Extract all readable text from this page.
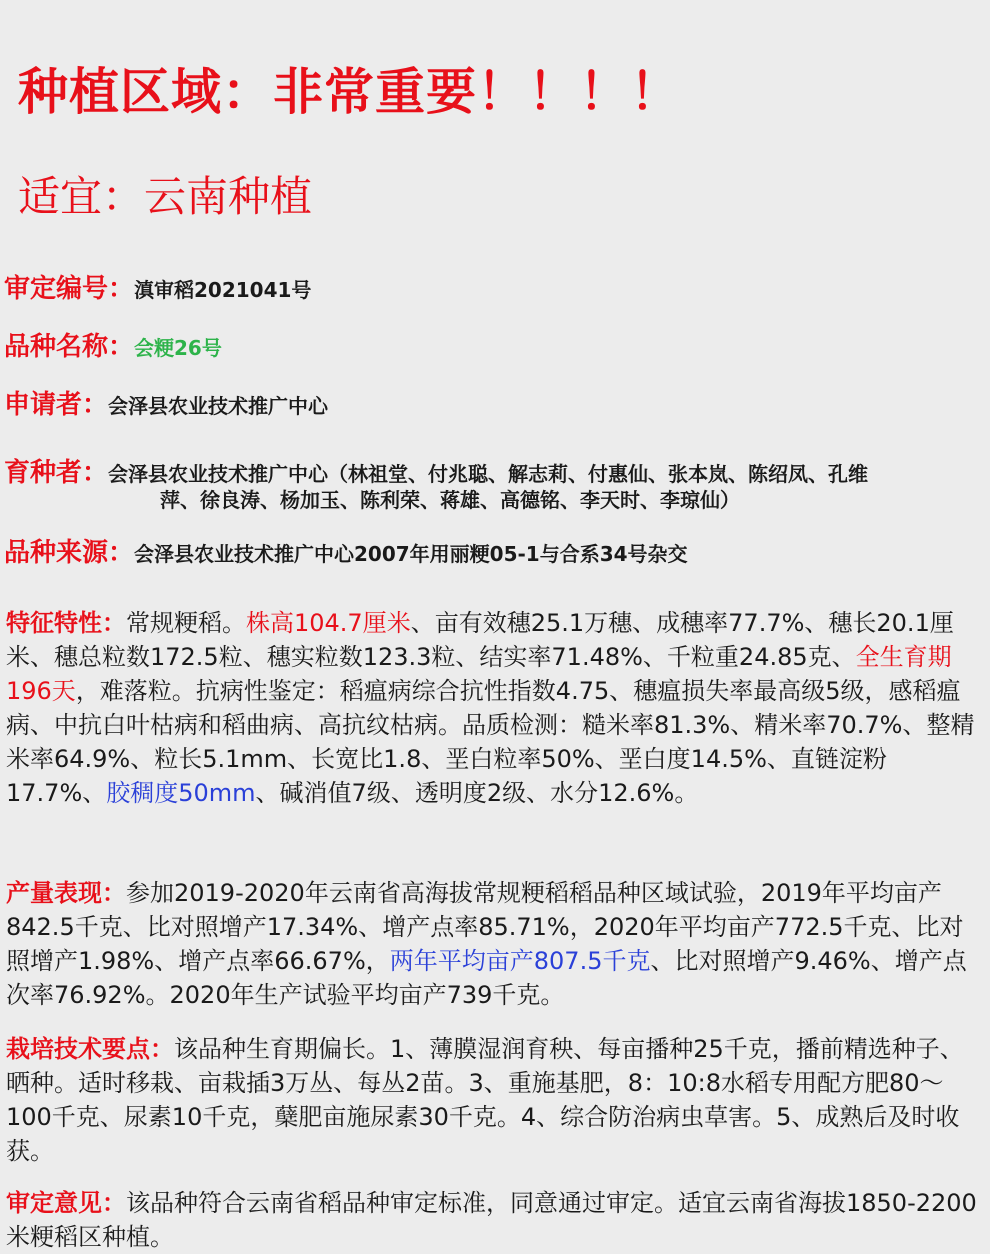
种植区域：非常重要！！！！
适宜：云南种植
审定编号：滇审稻2021041号
品种名称：会粳26号
申请者：会泽县农业技术推广中心
育种者：会泽县农业技术推广中心（林祖堂、付兆聪、解志莉、付惠仙、张本岚、陈绍凤、孔维
萍、徐良涛、杨加玉、陈利荣、蒋雄、高德铭、李天时、李琼仙）
品种来源：会泽县农业技术推广中心2007年用丽粳05-1与合系34号杂交
特征特性：常规粳稻。株高104.7厘米、亩有效穗25.1万穗、成穗率77.7%、穗长20.1厘米、穗总粒数172.5粒、穗实粒数123.3粒、结实率71.48%、千粒重24.85克、全生育期196天，难落粒。抗病性鉴定：稻瘟病综合抗性指数4.75、穗瘟损失率最高级5级，感稻瘟病、中抗白叶枯病和稻曲病、高抗纹枯病。品质检测：糙米率81.3%、精米率70.7%、整精米率64.9%、粒长5.1mm、长宽比1.8、垩白粒率50%、垩白度14.5%、直链淀粉17.7%、胶稠度50mm、碱消值7级、透明度2级、水分12.6%。
产量表现：参加2019-2020年云南省高海拔常规粳稻稻品种区域试验，2019年平均亩产842.5千克、比对照增产17.34%、增产点率85.71%，2020年平均亩产772.5千克、比对照增产1.98%、增产点率66.67%，两年平均亩产807.5千克、比对照增产9.46%、增产点次率76.92%。2020年生产试验平均亩产739千克。
栽培技术要点：该品种生育期偏长。1、薄膜湿润育秧、每亩播种25千克，播前精选种子、晒种。适时移栽、亩栽插3万丛、每丛2苗。3、重施基肥，8：10:8水稻专用配方肥80～100千克、尿素10千克，蘖肥亩施尿素30千克。4、综合防治病虫草害。5、成熟后及时收获。
审定意见：该品种符合云南省稻品种审定标准，同意通过审定。适宜云南省海拔1850-2200米粳稻区种植。
